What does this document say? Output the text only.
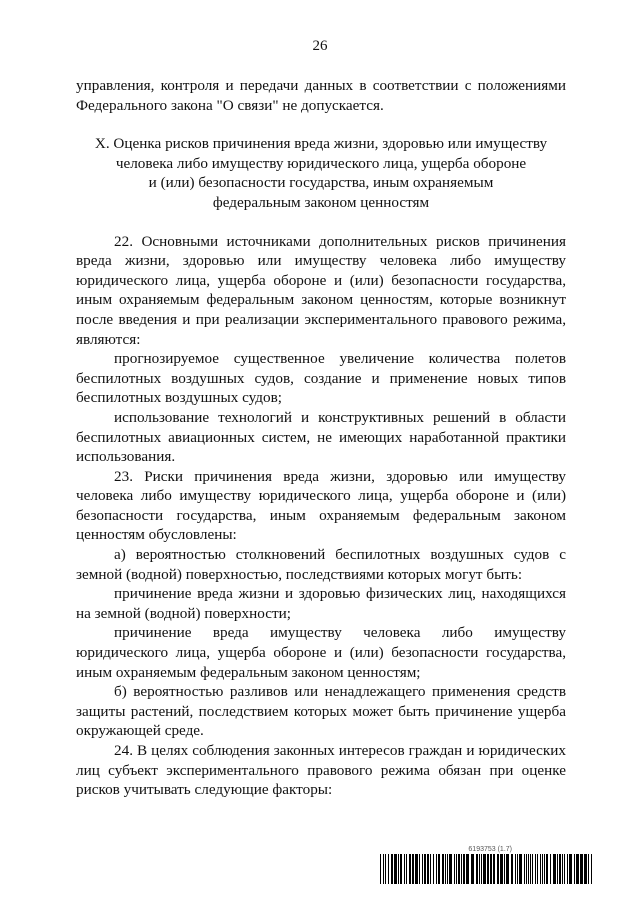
26

управления, контроля и передачи данных в соответствии с положениями Федерального закона "О связи" не допускается.

X. Оценка рисков причинения вреда жизни, здоровью или имуществу
человека либо имуществу юридического лица, ущерба обороне
и (или) безопасности государства, иным охраняемым
федеральным законом ценностям

22. Основными источниками дополнительных рисков причинения вреда жизни, здоровью или имуществу человека либо имуществу юридического лица, ущерба обороне и (или) безопасности государства, иным охраняемым федеральным законом ценностям, которые возникнут после введения и при реализации экспериментального правового режима, являются:

прогнозируемое существенное увеличение количества полетов беспилотных воздушных судов, создание и применение новых типов беспилотных воздушных судов;

использование технологий и конструктивных решений в области беспилотных авиационных систем, не имеющих наработанной практики использования.

23. Риски причинения вреда жизни, здоровью или имуществу человека либо имуществу юридического лица, ущерба обороне и (или) безопасности государства, иным охраняемым федеральным законом ценностям обусловлены:

а) вероятностью столкновений беспилотных воздушных судов с земной (водной) поверхностью, последствиями которых могут быть:

причинение вреда жизни и здоровью физических лиц, находящихся на земной (водной) поверхности;

причинение вреда имуществу человека либо имуществу юридического лица, ущерба обороне и (или) безопасности государства, иным охраняемым федеральным законом ценностям;

б) вероятностью разливов или ненадлежащего применения средств защиты растений, последствием которых может быть причинение ущерба окружающей среде.

24. В целях соблюдения законных интересов граждан и юридических лиц субъект экспериментального правового режима обязан при оценке рисков учитывать следующие факторы:

6193753 (1.7)
